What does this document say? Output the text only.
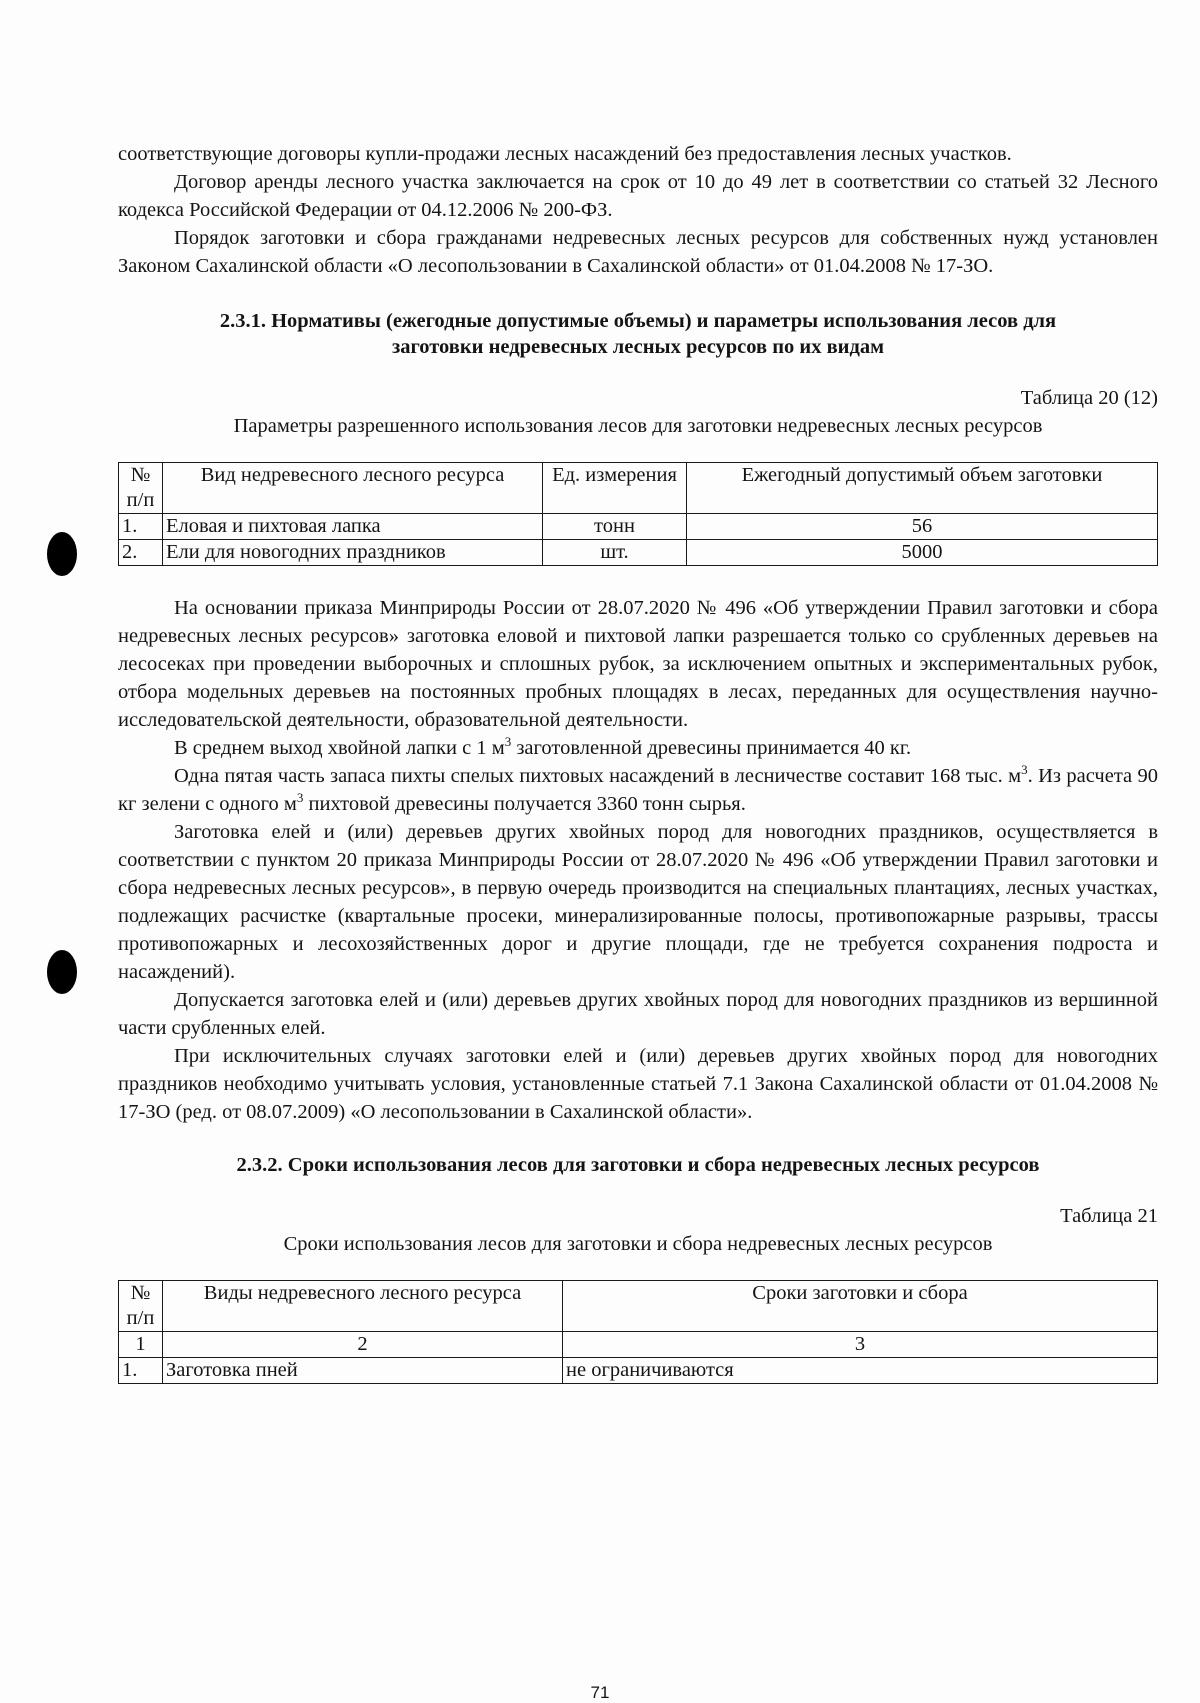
соответствующие договоры купли-продажи лесных насаждений без предоставления лесных участков.

Договор аренды лесного участка заключается на срок от 10 до 49 лет в соответствии со статьей 32 Лесного кодекса Российской Федерации от 04.12.2006 № 200-ФЗ.

Порядок заготовки и сбора гражданами недревесных лесных ресурсов для собственных нужд установлен Законом Сахалинской области «О лесопользовании в Сахалинской области» от 01.04.2008 № 17-ЗО.

2.3.1. Нормативы (ежегодные допустимые объемы) и параметры использования лесов для
заготовки недревесных лесных ресурсов по их видам

Таблица 20 (12)

Параметры разрешенного использования лесов для заготовки недревесных лесных ресурсов

№ п/п	Вид недревесного лесного ресурса	Ед. измерения	Ежегодный допустимый объем заготовки
1.	Еловая и пихтовая лапка	тонн	56
2.	Ели для новогодних праздников	шт.	5000

На основании приказа Минприроды России от 28.07.2020 № 496 «Об утверждении Правил заготовки и сбора недревесных лесных ресурсов» заготовка еловой и пихтовой лапки разрешается только со срубленных деревьев на лесосеках при проведении выборочных и сплошных рубок, за исключением опытных и экспериментальных рубок, отбора модельных деревьев на постоянных пробных площадях в лесах, переданных для осуществления научно-исследовательской деятельности, образовательной деятельности.

В среднем выход хвойной лапки с 1 $м^3$ заготовленной древесины принимается 40 кг.

Одна пятая часть запаса пихты спелых пихтовых насаждений в лесничестве составит 168 тыс. $м^3$. Из расчета 90 кг зелени с одного $м^3$ пихтовой древесины получается 3360 тонн сырья.

Заготовка елей и (или) деревьев других хвойных пород для новогодних праздников, осуществляется в соответствии с пунктом 20 приказа Минприроды России от 28.07.2020 № 496 «Об утверждении Правил заготовки и сбора недревесных лесных ресурсов», в первую очередь производится на специальных плантациях, лесных участках, подлежащих расчистке (квартальные просеки, минерализированные полосы, противопожарные разрывы, трассы противопожарных и лесохозяйственных дорог и другие площади, где не требуется сохранения подроста и насаждений).

Допускается заготовка елей и (или) деревьев других хвойных пород для новогодних праздников из вершинной части срубленных елей.

При исключительных случаях заготовки елей и (или) деревьев других хвойных пород для новогодних праздников необходимо учитывать условия, установленные статьей 7.1 Закона Сахалинской области от 01.04.2008 № 17-ЗО (ред. от 08.07.2009) «О лесопользовании в Сахалинской области».

2.3.2. Сроки использования лесов для заготовки и сбора недревесных лесных ресурсов

Таблица 21

Сроки использования лесов для заготовки и сбора недревесных лесных ресурсов

№ п/п	Виды недревесного лесного ресурса	Сроки заготовки и сбора
1	2	3
1.	Заготовка пней	не ограничиваются
71
